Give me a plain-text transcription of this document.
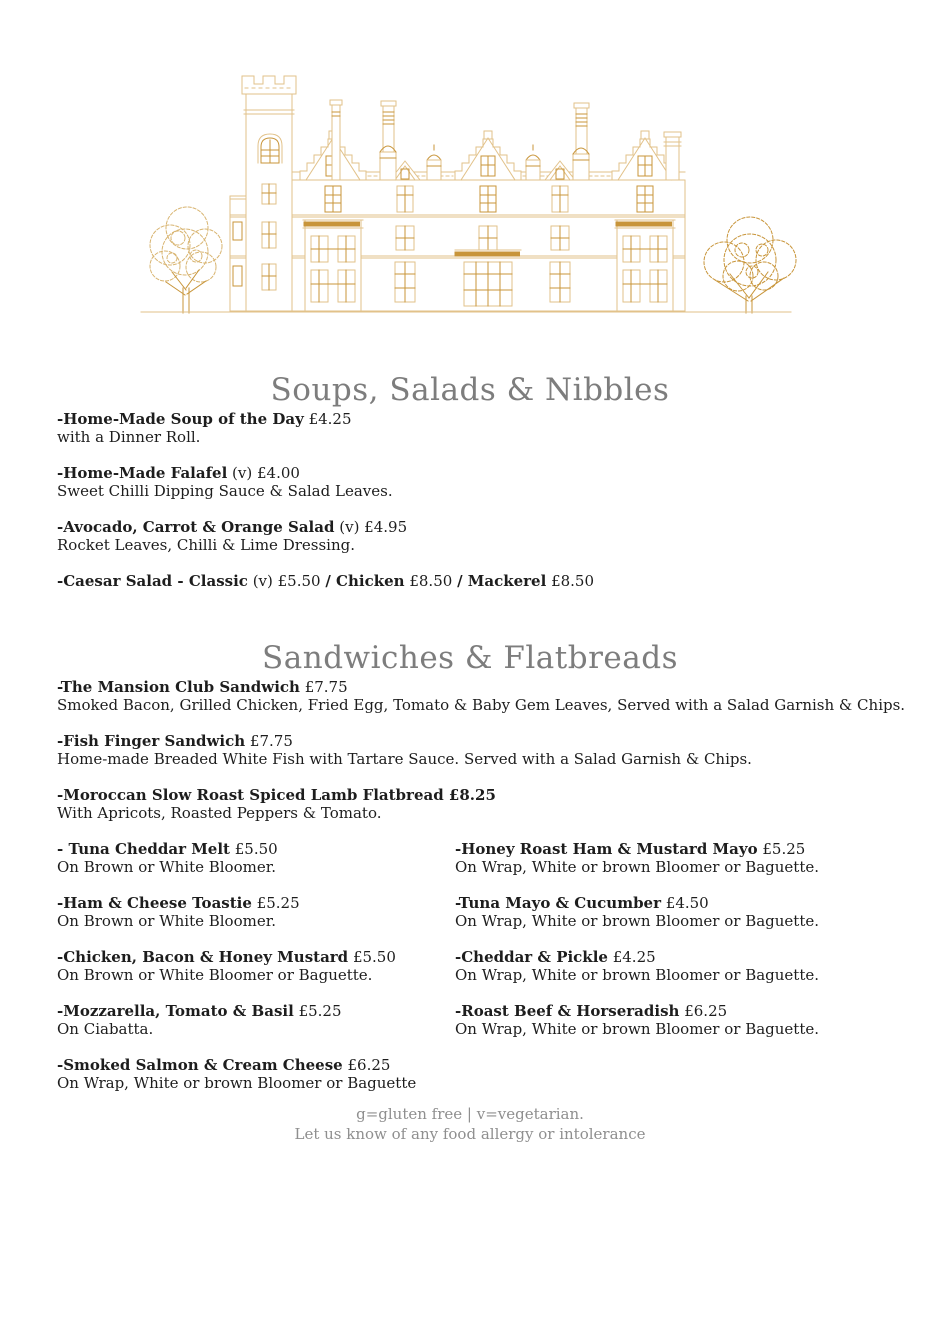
Soups, Salads & Nibbles
-Home-Made Soup of the Day £4.25
with a Dinner Roll.
-Home-Made Falafel (v) £4.00
Sweet Chilli Dipping Sauce & Salad Leaves.
-Avocado, Carrot & Orange Salad (v) £4.95
Rocket Leaves, Chilli & Lime Dressing.
-Caesar Salad - Classic (v) £5.50 / Chicken £8.50 / Mackerel £8.50
Sandwiches & Flatbreads
-The Mansion Club Sandwich £7.75
Smoked Bacon, Grilled Chicken, Fried Egg, Tomato & Baby Gem Leaves, Served with a Salad Garnish & Chips.
-Fish Finger Sandwich £7.75
Home-made Breaded White Fish with Tartare Sauce. Served with a Salad Garnish & Chips.
-Moroccan Slow Roast Spiced Lamb Flatbread £8.25
With Apricots, Roasted Peppers & Tomato.
- Tuna Cheddar Melt £5.50
On Brown or White Bloomer.
-Ham & Cheese Toastie £5.25
On Brown or White Bloomer.
-Chicken, Bacon & Honey Mustard £5.50
On Brown or White Bloomer or Baguette.
-Mozzarella, Tomato & Basil £5.25
On Ciabatta.
-Smoked Salmon & Cream Cheese £6.25
On Wrap, White or brown Bloomer or Baguette
-Honey Roast Ham & Mustard Mayo £5.25
On Wrap, White or brown Bloomer or Baguette.
-Tuna Mayo & Cucumber £4.50
On Wrap, White or brown Bloomer or Baguette.
-Cheddar & Pickle £4.25
On Wrap, White or brown Bloomer or Baguette.
-Roast Beef & Horseradish £6.25
On Wrap, White or brown Bloomer or Baguette.
g=gluten free | v=vegetarian.
Let us know of any food allergy or intolerance
